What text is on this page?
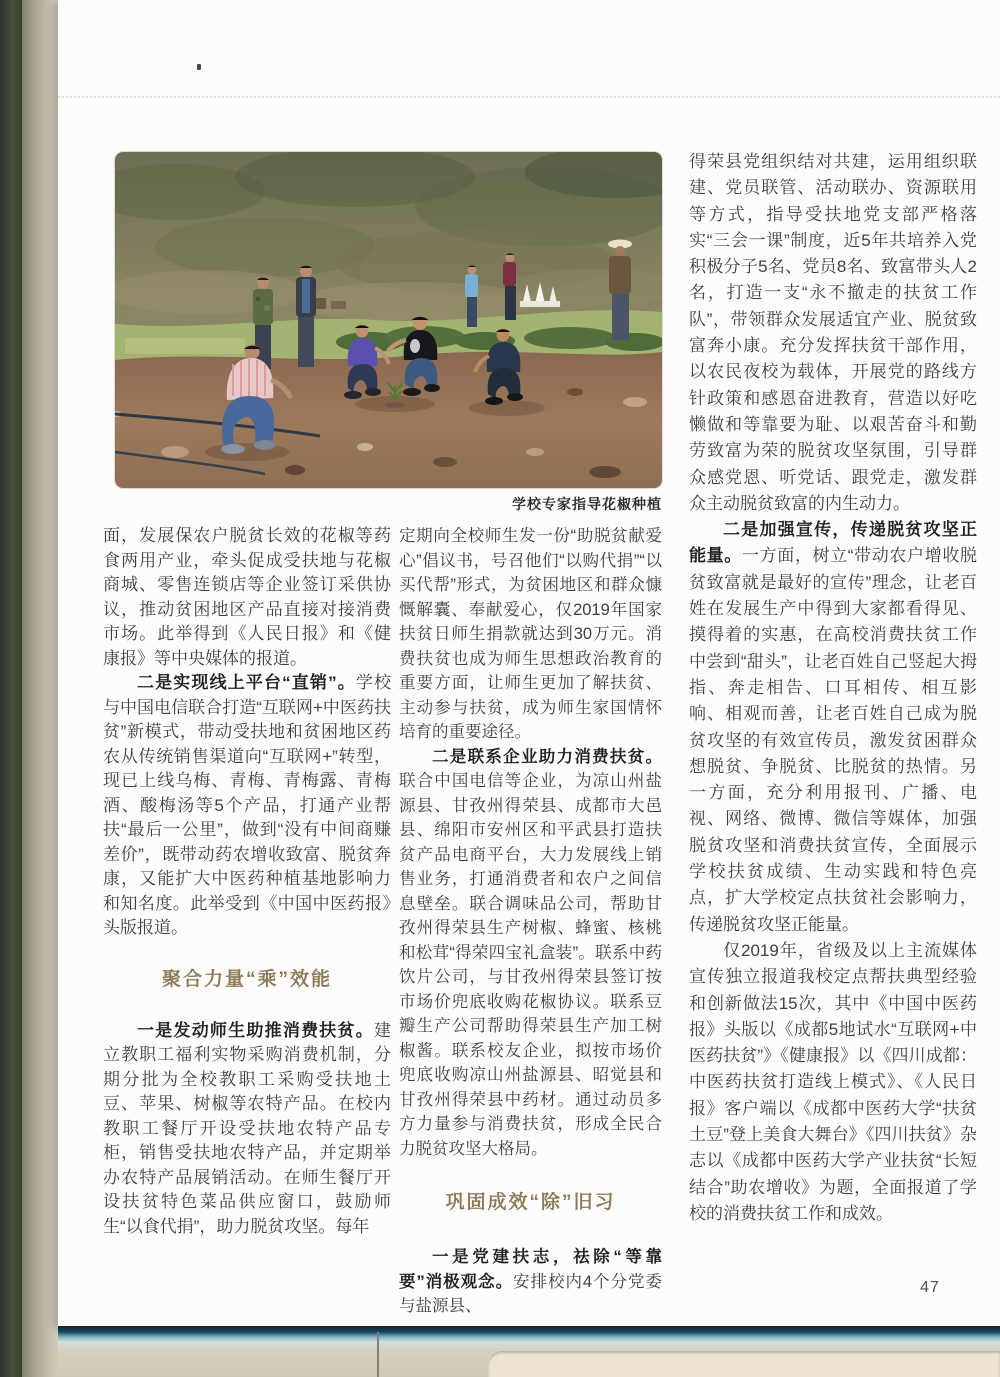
学校专家指导花椒种植

面，发展保农户脱贫长效的花椒等药食两用产业，牵头促成受扶地与花椒商城、零售连锁店等企业签订采供协议，推动贫困地区产品直接对接消费市场。此举得到《人民日报》和《健康报》等中央媒体的报道。

二是实现线上平台“直销”。学校与中国电信联合打造“互联网+中医药扶贫”新模式，带动受扶地和贫困地区药农从传统销售渠道向“互联网+”转型，现已上线乌梅、青梅、青梅露、青梅酒、酸梅汤等5个产品，打通产业帮扶“最后一公里”，做到“没有中间商赚差价”，既带动药农增收致富、脱贫奔康，又能扩大中医药种植基地影响力和知名度。此举受到《中国中医药报》头版报道。

聚合力量“乘”效能

一是发动师生助推消费扶贫。建立教职工福利实物采购消费机制，分期分批为全校教职工采购受扶地土豆、苹果、树椒等农特产品。在校内教职工餐厅开设受扶地农特产品专柜，销售受扶地农特产品，并定期举办农特产品展销活动。在师生餐厅开设扶贫特色菜品供应窗口，鼓励师生“以食代捐”，助力脱贫攻坚。每年

定期向全校师生发一份“助脱贫献爱心”倡议书，号召他们“以购代捐”“以买代帮”形式，为贫困地区和群众慷慨解囊、奉献爱心，仅2019年国家扶贫日师生捐款就达到30万元。消费扶贫也成为师生思想政治教育的重要方面，让师生更加了解扶贫、主动参与扶贫，成为师生家国情怀培育的重要途径。

二是联系企业助力消费扶贫。联合中国电信等企业，为凉山州盐源县、甘孜州得荣县、成都市大邑县、绵阳市安州区和平武县打造扶贫产品电商平台，大力发展线上销售业务，打通消费者和农户之间信息壁垒。联合调味品公司，帮助甘孜州得荣县生产树椒、蜂蜜、核桃和松茸“得荣四宝礼盒装”。联系中药饮片公司，与甘孜州得荣县签订按市场价兜底收购花椒协议。联系豆瓣生产公司帮助得荣县生产加工树椒酱。联系校友企业，拟按市场价兜底收购凉山州盐源县、昭觉县和甘孜州得荣县中药材。通过动员多方力量参与消费扶贫，形成全民合力脱贫攻坚大格局。

巩固成效“除”旧习

一是党建扶志，祛除“等靠要”消极观念。安排校内4个分党委与盐源县、

得荣县党组织结对共建，运用组织联建、党员联管、活动联办、资源联用等方式，指导受扶地党支部严格落实“三会一课”制度，近5年共培养入党积极分子5名、党员8名、致富带头人2名，打造一支“永不撤走的扶贫工作队”，带领群众发展适宜产业、脱贫致富奔小康。充分发挥扶贫干部作用，以农民夜校为载体，开展党的路线方针政策和感恩奋进教育，营造以好吃懒做和等靠要为耻、以艰苦奋斗和勤劳致富为荣的脱贫攻坚氛围，引导群众感党恩、听党话、跟党走，激发群众主动脱贫致富的内生动力。

二是加强宣传，传递脱贫攻坚正能量。一方面，树立“带动农户增收脱贫致富就是最好的宣传”理念，让老百姓在发展生产中得到大家都看得见、摸得着的实惠，在高校消费扶贫工作中尝到“甜头”，让老百姓自己竖起大拇指、奔走相告、口耳相传、相互影响、相观而善，让老百姓自己成为脱贫攻坚的有效宣传员，激发贫困群众想脱贫、争脱贫、比脱贫的热情。另一方面，充分利用报刊、广播、电视、网络、微博、微信等媒体，加强脱贫攻坚和消费扶贫宣传，全面展示学校扶贫成绩、生动实践和特色亮点，扩大学校定点扶贫社会影响力，传递脱贫攻坚正能量。

仅2019年，省级及以上主流媒体宣传独立报道我校定点帮扶典型经验和创新做法15次，其中《中国中医药报》头版以《成都5地试水“互联网+中医药扶贫”》《健康报》以《四川成都：中医药扶贫打造线上模式》、《人民日报》客户端以《成都中医药大学“扶贫土豆”登上美食大舞台》《四川扶贫》杂志以《成都中医药大学产业扶贫“长短结合”助农增收》为题，全面报道了学校的消费扶贫工作和成效。

47
